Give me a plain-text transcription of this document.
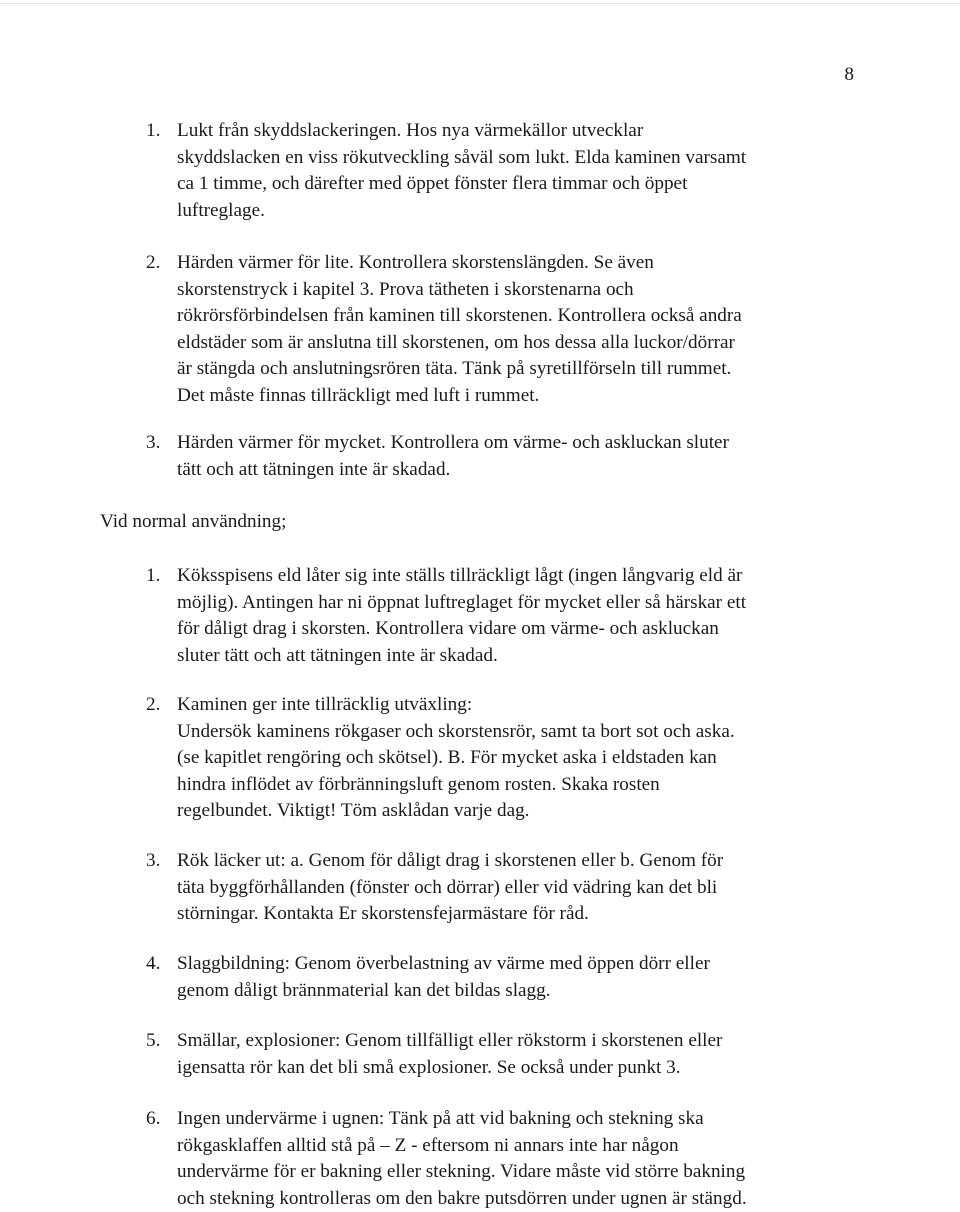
8
1. Lukt från skyddslackeringen. Hos nya värmekällor utvecklar
skyddslacken en viss rökutveckling såväl som lukt. Elda kaminen varsamt
ca 1 timme, och därefter med öppet fönster flera timmar och öppet
luftreglage.
2. Härden värmer för lite. Kontrollera skorstenslängden. Se även
skorstenstryck i kapitel 3. Prova tätheten i skorstenarna och
rökrörsförbindelsen från kaminen till skorstenen. Kontrollera också andra
eldstäder som är anslutna till skorstenen, om hos dessa alla luckor/dörrar
är stängda och anslutningsrören täta. Tänk på syretillförseln till rummet.
Det måste finnas tillräckligt med luft i rummet.
3. Härden värmer för mycket. Kontrollera om värme- och askluckan sluter
tätt och att tätningen inte är skadad.
Vid normal användning;
1. Köksspisens eld låter sig inte ställs tillräckligt lågt (ingen långvarig eld är
möjlig). Antingen har ni öppnat luftreglaget för mycket eller så härskar ett
för dåligt drag i skorsten. Kontrollera vidare om värme- och askluckan
sluter tätt och att tätningen inte är skadad.
2. Kaminen ger inte tillräcklig utväxling:
Undersök kaminens rökgaser och skorstensrör, samt ta bort sot och aska.
(se kapitlet rengöring och skötsel). B. För mycket aska i eldstaden kan
hindra inflödet av förbränningsluft genom rosten. Skaka rosten
regelbundet. Viktigt! Töm asklådan varje dag.
3. Rök läcker ut: a. Genom för dåligt drag i skorstenen eller b. Genom för
täta byggförhållanden (fönster och dörrar) eller vid vädring kan det bli
störningar. Kontakta Er skorstensfejarmästare för råd.
4. Slaggbildning: Genom överbelastning av värme med öppen dörr eller
genom dåligt brännmaterial kan det bildas slagg.
5. Smällar, explosioner: Genom tillfälligt eller rökstorm i skorstenen eller
igensatta rör kan det bli små explosioner. Se också under punkt 3.
6. Ingen undervärme i ugnen: Tänk på att vid bakning och stekning ska
rökgasklaffen alltid stå på – Z - eftersom ni annars inte har någon
undervärme för er bakning eller stekning. Vidare måste vid större bakning
och stekning kontrolleras om den bakre putsdörren under ugnen är stängd.
